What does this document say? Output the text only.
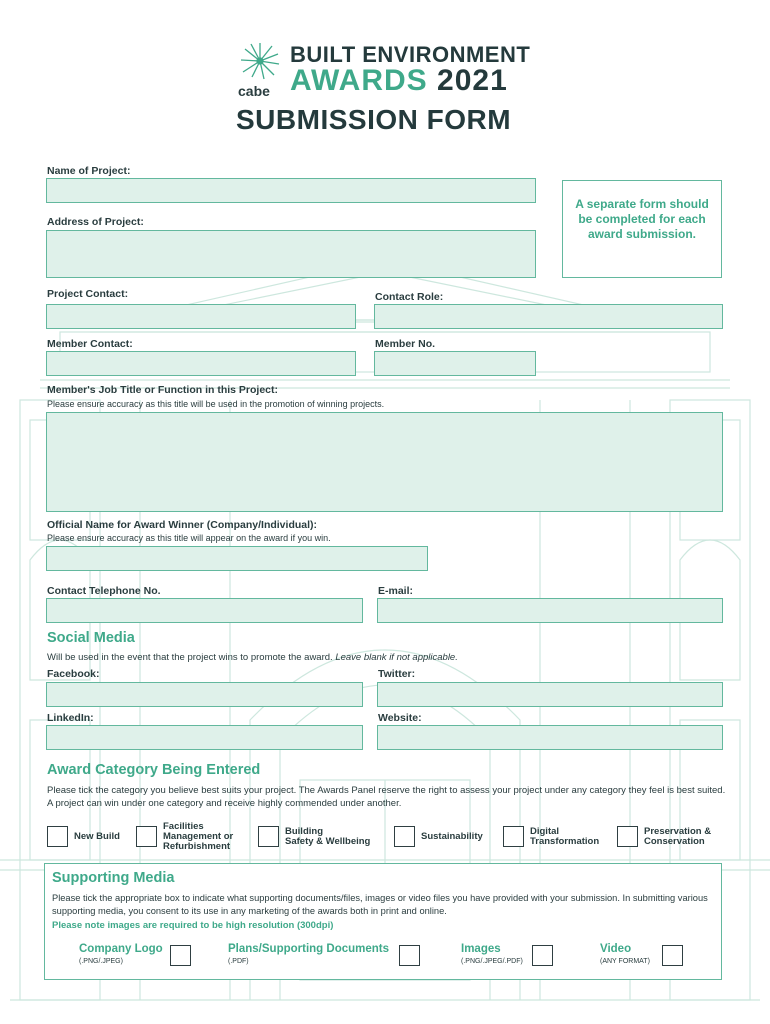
cabe
BUILT ENVIRONMENT
AWARDS 2021
SUBMISSION FORM
Name of Project:
A separate form should be completed for each award submission.
Address of Project:
Project Contact:	Contact Role:
Member Contact:	Member No.
Member's Job Title or Function in this Project:
Please ensure accuracy as this title will be used in the promotion of winning projects.
Official Name for Award Winner (Company/Individual):
Please ensure accuracy as this title will appear on the award if you win.
Contact Telephone No.	E-mail:
Social Media
Will be used in the event that the project wins to promote the award. Leave blank if not applicable.
Facebook:	Twitter:
LinkedIn:	Website:
Award Category Being Entered
Please tick the category you believe best suits your project. The Awards Panel reserve the right to assess your project under any category they feel is best suited. A project can win under one category and receive highly commended under another.
New Build
Facilities
Management or
Refurbishment
Building
Safety & Wellbeing	Sustainability	Digital
Transformation
Preservation &
Conservation
Supporting Media
Please tick the appropriate box to indicate what supporting documents/files, images or video files you have provided with your submission. In submitting various supporting media, you consent to its use in any marketing of the awards both in print and online.
Please note images are required to be high resolution (300dpi)
Company Logo
(.PNG/.JPEG)
Plans/Supporting Documents
(.PDF)
Images
(.PNG/.JPEG/.PDF)
Video
(ANY FORMAT)
